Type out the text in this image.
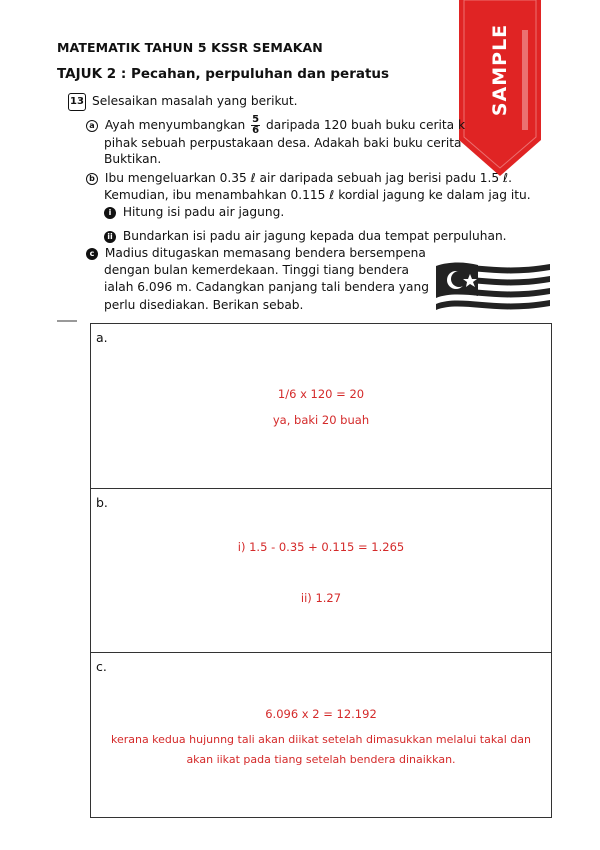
MATEMATIK TAHUN 5 KSSR SEMAKAN
TAJUK 2 : Pecahan, perpuluhan dan peratus	SAMPLE
13 Selesaikan masalah yang berikut.
a Ayah menyumbangkan $\frac{5}{6}$ daripada 120 buah buku cerita k
pihak sebuah perpustakaan desa. Adakah baki buku cerita
Buktikan.
b Ibu mengeluarkan 0.35 ℓ air daripada sebuah jag berisi padu 1.5 ℓ.
Kemudian, ibu menambahkan 0.115 ℓ kordial jagung ke dalam jag itu.
i Hitung isi padu air jagung.
ii Bundarkan isi padu air jagung kepada dua tempat perpuluhan.
c Madius ditugaskan memasang bendera bersempena
dengan bulan kemerdekaan. Tinggi tiang bendera
ialah 6.096 m. Cadangkan panjang tali bendera yang
perlu disediakan. Berikan sebab.
a.
1/6 x 120 = 20
ya, baki 20 buah
b.
i) 1.5 - 0.35 + 0.115 = 1.265
ii) 1.27
c.
6.096 x 2 = 12.192
kerana kedua hujunng tali akan diikat setelah dimasukkan melalui takal dan
akan iikat pada tiang setelah bendera dinaikkan.
